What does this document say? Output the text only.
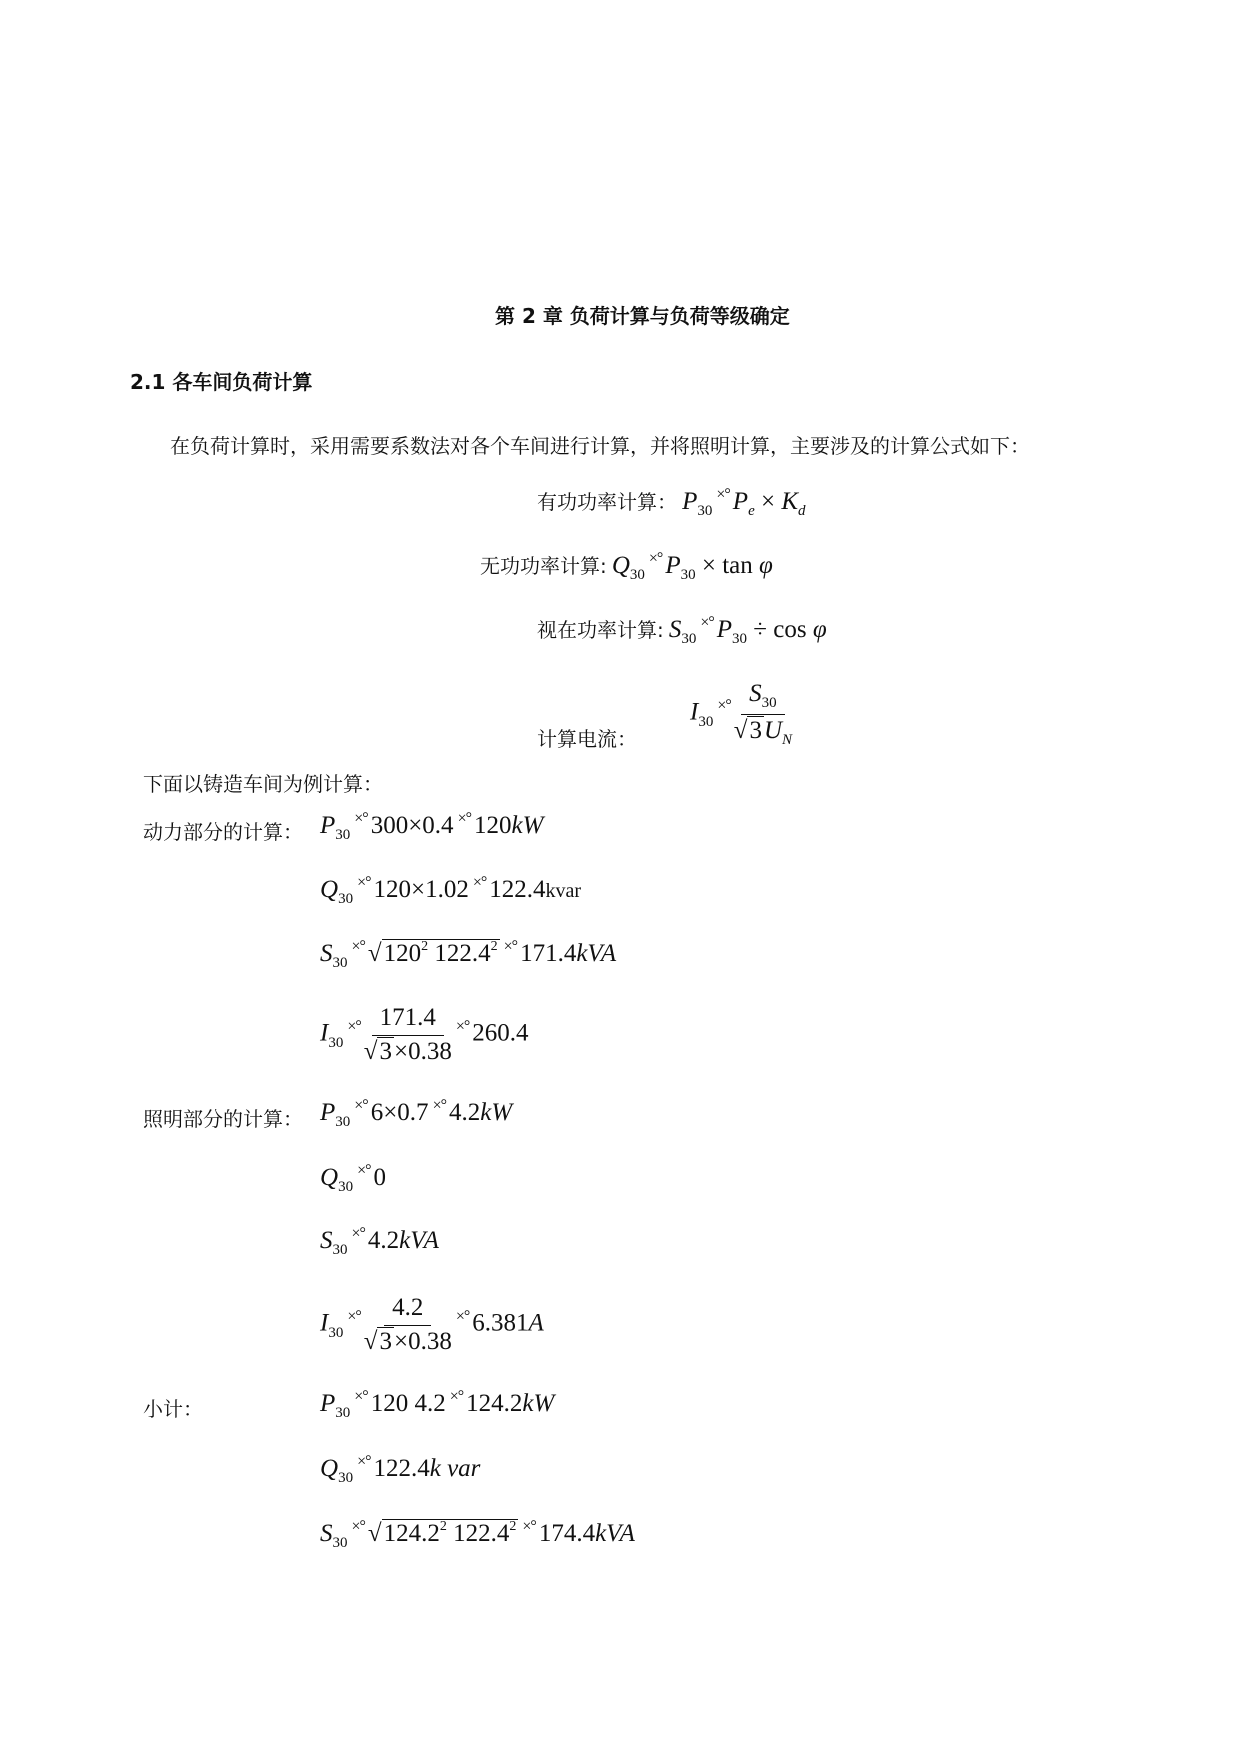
第 2 章 负荷计算与负荷等级确定
2.1 各车间负荷计算
在负荷计算时，采用需要系数法对各个车间进行计算，并将照明计算，主要涉及的计算公式如下：
有功功率计算： $P_{30}^{\times^\circ}$ $P_e \times K_d$
无功功率计算: $Q_{30}^{\times^\circ}$ $P_{30} \times \tan \varphi$
视在功率计算: $S_{30}^{\times^\circ}$ $P_{30} \div \cos \varphi$
计算电流：
$I_{30}^{\times^\circ} \frac{S_{30}}{√3U_N}$
下面以铸造车间为例计算：
动力部分的计算： $P_{30}^{\times^\circ}$ 300×0.4 ×° 120kW
$Q_{30}^{\times^\circ}$ 120×1.02 ×° 122.4kvar
$S_{30}^{\times^\circ}$ $√120^2$ 122.4$^2$ ×° 171.4kVA
$I_{30}^{\times^\circ} \frac{171.4}{√3\times 0.38} ^{\times^\circ}$ 260.4
照明部分的计算： $P_{30}^{\times^\circ}$ 6×0.7 ×° 4.2kW
$Q_{30}^{\times^\circ}$ 0
$S_{30}^{\times^\circ}$ 4.2kVA
$I_{30}^{\times^\circ} \frac{4.2}{√3\times 0.38} ^{\times^\circ}$ 6.381A
小计：	$P_{30}^{\times^\circ}$ 120 4.2 ×° 124.2kW
$Q_{30}^{\times^\circ}$ 122.4k var
$S_{30}^{\times^\circ}$ √124.2$^2$ 122.4$^2$ ×° 174.4kVA
